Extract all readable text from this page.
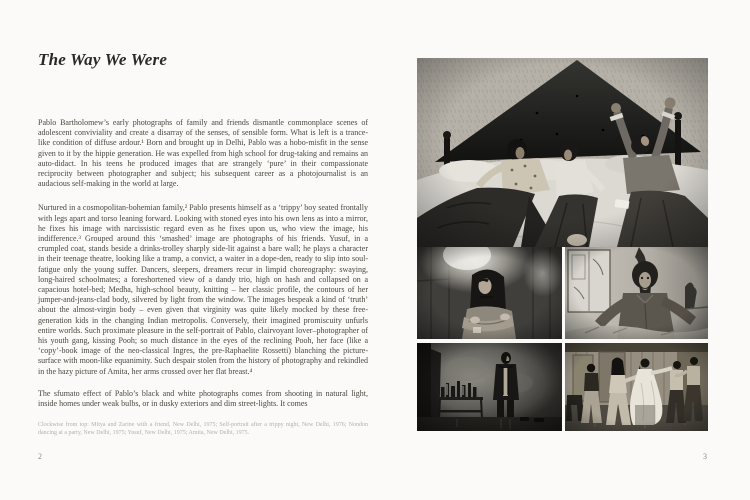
The Way We Were

Pablo Bartholomew’s early photographs of family and friends dismantle commonplace scenes of adolescent conviviality and create a disarray of the senses, of sensible form. What is left is a trance-like condition of diffuse ardour.¹ Born and brought up in Delhi, Pablo was a hobo-misfit in the sense given to it by the hippie generation. He was expelled from high school for drug-taking and remains an auto-didact. In his teens he produced images that are strangely ‘pure’ in their compassionate reciprocity between photographer and subject; his subsequent career as a photojournalist is an audacious self-making in the world at large.

Nurtured in a cosmopolitan-bohemian family,² Pablo presents himself as a ‘trippy’ boy seated frontally with legs apart and torso leaning forward. Looking with stoned eyes into his own lens as into a mirror, he fixes his image with narcissistic regard even as he fixes upon us, who view the image, his indifference.³ Grouped around this ‘smashed’ image are photographs of his friends. Yusuf, in a crumpled coat, stands beside a drinks-trolley sharply side-lit against a bare wall; he plays a character in their teenage theatre, looking like a tramp, a convict, a waiter in a dope-den, ready to slip into soul-fatigue only the young suffer. Dancers, sleepers, dreamers recur in limpid choreography: swaying, long-haired schoolmates; a foreshortened view of a dandy trio, high on hash and collapsed on a capacious hotel-bed; Medha, high-school beauty, knitting – her classic profile, the contours of her jumper-and-jeans-clad body, silvered by light from the window. The images bespeak a kind of ‘truth’ about the almost-virgin body – even given that virginity was quite likely mocked by these free-generation kids in the changing Indian metropolis. Conversely, their imagined promiscuity unfurls entire worlds. Such proximate pleasure in the self-portrait of Pablo, clairvoyant lover–photographer of his youth gang, kissing Pooh; so much distance in the eyes of the reclining Pooh, her face (like a ‘copy’-book image of the neo-classical Ingres, the pre-Raphaelite Rossetti) blanching the picture-surface with moon-like equanimity. Such despair stolen from the history of photography and rekindled in the hazy picture of Amita, her arms crossed over her flat breast.⁴

The sfumato effect of Pablo’s black and white photographs comes from shooting in natural light, inside homes under weak bulbs, or in dusky exteriors and dim street-lights. It comes

Clockwise from top: Mitya and Zarine with a friend, New Delhi, 1975; Self-portrait after a trippy night, New Delhi, 1976; Nondon dancing at a party, New Delhi, 1975; Yusuf, New Delhi, 1975; Amita, New Delhi, 1975.

2	3
